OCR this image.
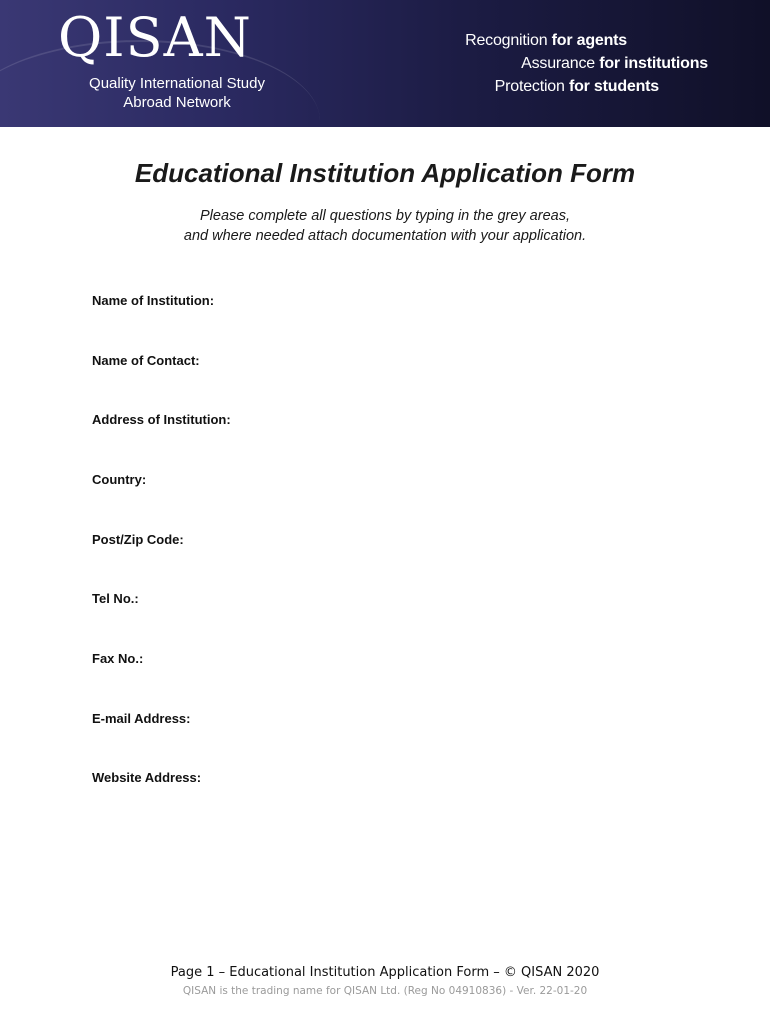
QISAN
Quality International Study
Abroad Network
Recognition for agents
Assurance for institutions
Protection for students
Educational Institution Application Form
Please complete all questions by typing in the grey areas,
and where needed attach documentation with your application.
Name of Institution:
Name of Contact:
Address of Institution:
Country:
Post/Zip Code:
Tel No.:
Fax No.:
E-mail Address:
Website Address:
Page 1 – Educational Institution Application Form – © QISAN 2020
QISAN is the trading name for QISAN Ltd. (Reg No 04910836) - Ver. 22-01-20
